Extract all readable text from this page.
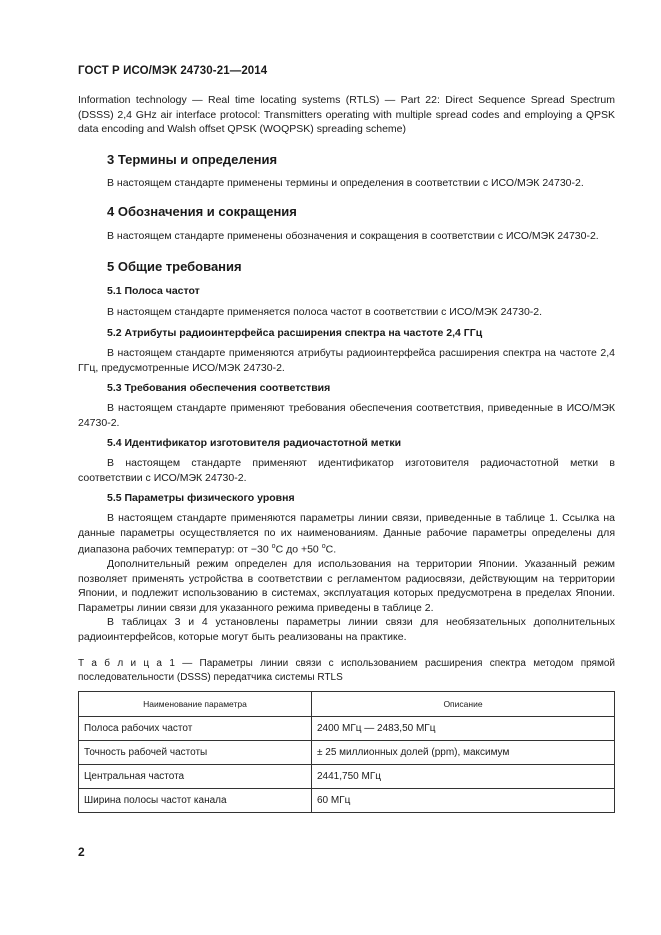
ГОСТ Р ИСО/МЭК 24730-21—2014

Information technology — Real time locating systems (RTLS) — Part 22: Direct Sequence Spread Spectrum (DSSS) 2,4 GHz air interface protocol: Transmitters operating with multiple spread codes and employing a QPSK data encoding and Walsh offset QPSK (WOQPSK) spreading scheme)

3 Термины и определения

В настоящем стандарте применены термины и определения в соответствии с ИСО/МЭК 24730-2.

4 Обозначения и сокращения

В настоящем стандарте применены обозначения и сокращения в соответствии с ИСО/МЭК 24730-2.

5 Общие требования
5.1 Полоса частот

В настоящем стандарте применяется полоса частот в соответствии с ИСО/МЭК 24730-2.

5.2 Атрибуты радиоинтерфейса расширения спектра на частоте 2,4 ГГц

В настоящем стандарте применяются атрибуты радиоинтерфейса расширения спектра на частоте 2,4 ГГц, предусмотренные ИСО/МЭК 24730-2.

5.3 Требования обеспечения соответствия

В настоящем стандарте применяют требования обеспечения соответствия, приведенные в ИСО/МЭК 24730-2.

5.4 Идентификатор изготовителя радиочастотной метки

В настоящем стандарте применяют идентификатор изготовителя радиочастотной метки в соответствии с ИСО/МЭК 24730-2.

5.5 Параметры физического уровня

В настоящем стандарте применяются параметры линии связи, приведенные в таблице 1. Ссылка на данные параметры осуществляется по их наименованиям. Данные рабочие параметры определены для диапазона рабочих температур: от −30 $^о$С до +50 $^о$С.

Дополнительный режим определен для использования на территории Японии. Указанный режим позволяет применять устройства в соответствии с регламентом радиосвязи, действующим на территории Японии, и подлежит использованию в системах, эксплуатация которых предусмотрена в пределах Японии. Параметры линии связи для указанного режима приведены в таблице 2.

В таблицах 3 и 4 установлены параметры линии связи для необязательных дополнительных радиоинтерфейсов, которые могут быть реализованы на практике.

Т а б л и ц а 1 — Параметры линии связи с использованием расширения спектра методом прямой последовательности (DSSS) передатчика системы RTLS

Наименование параметра	Описание
Полоса рабочих частот	2400 МГц — 2483,50 МГц
Точность рабочей частоты	± 25 миллионных долей (ppm), максимум
Центральная частота	2441,750 МГц
Ширина полосы частот канала	60 МГц
2
